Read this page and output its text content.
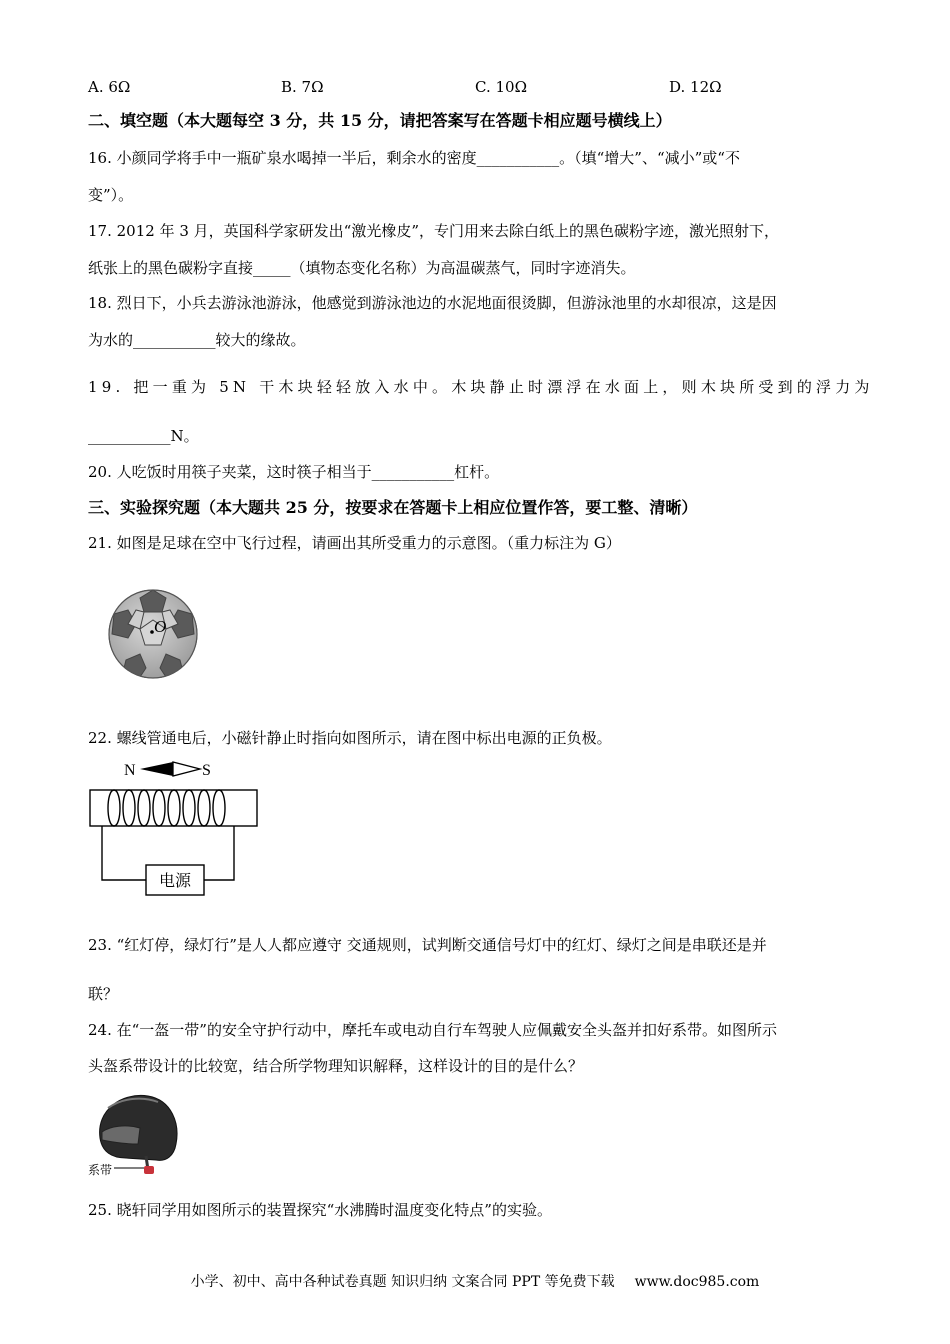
A. 6Ω	B. 7Ω	C. 10Ω	D. 12Ω
二、填空题（本大题每空 3 分，共 15 分，请把答案写在答题卡相应题号横线上）
16. 小颜同学将手中一瓶矿泉水喝掉一半后，剩余水的密度___________。（填“增大”、“减小”或“不
变”）。
17. 2012 年 3 月，英国科学家研发出“激光橡皮”，专门用来去除白纸上的黑色碳粉字迹，激光照射下，
纸张上的黑色碳粉字直接_____（填物态变化名称）为高温碳蒸气，同时字迹消失。
18. 烈日下，小兵去游泳池游泳，他感觉到游泳池边的水泥地面很烫脚，但游泳池里的水却很凉，这是因
为水的___________较大的缘故。
19. 把一重为 5N 干木块轻轻放入水中。木块静止时漂浮在水面上，则木块所受到的浮力为
___________N。
20. 人吃饭时用筷子夹菜，这时筷子相当于___________杠杆。
三、实验探究题（本大题共 25 分，按要求在答题卡上相应位置作答，要工整、清晰）
21. 如图是足球在空中飞行过程，请画出其所受重力的示意图。（重力标注为 G）
O
22. 螺线管通电后，小磁针静止时指向如图所示，请在图中标出电源的正负极。
N	S
电源
23. “红灯停，绿灯行”是人人都应遵守 交通规则，试判断交通信号灯中的红灯、绿灯之间是串联还是并
联？
24. 在“一盔一带”的安全守护行动中，摩托车或电动自行车驾驶人应佩戴安全头盔并扣好系带。如图所示
头盔系带设计的比较宽，结合所学物理知识解释，这样设计的目的是什么？
系带
25. 晓轩同学用如图所示的装置探究“水沸腾时温度变化特点”的实验。
小学、初中、高中各种试卷真题 知识归纳 文案合同 PPT 等免费下载 www.doc985.com
